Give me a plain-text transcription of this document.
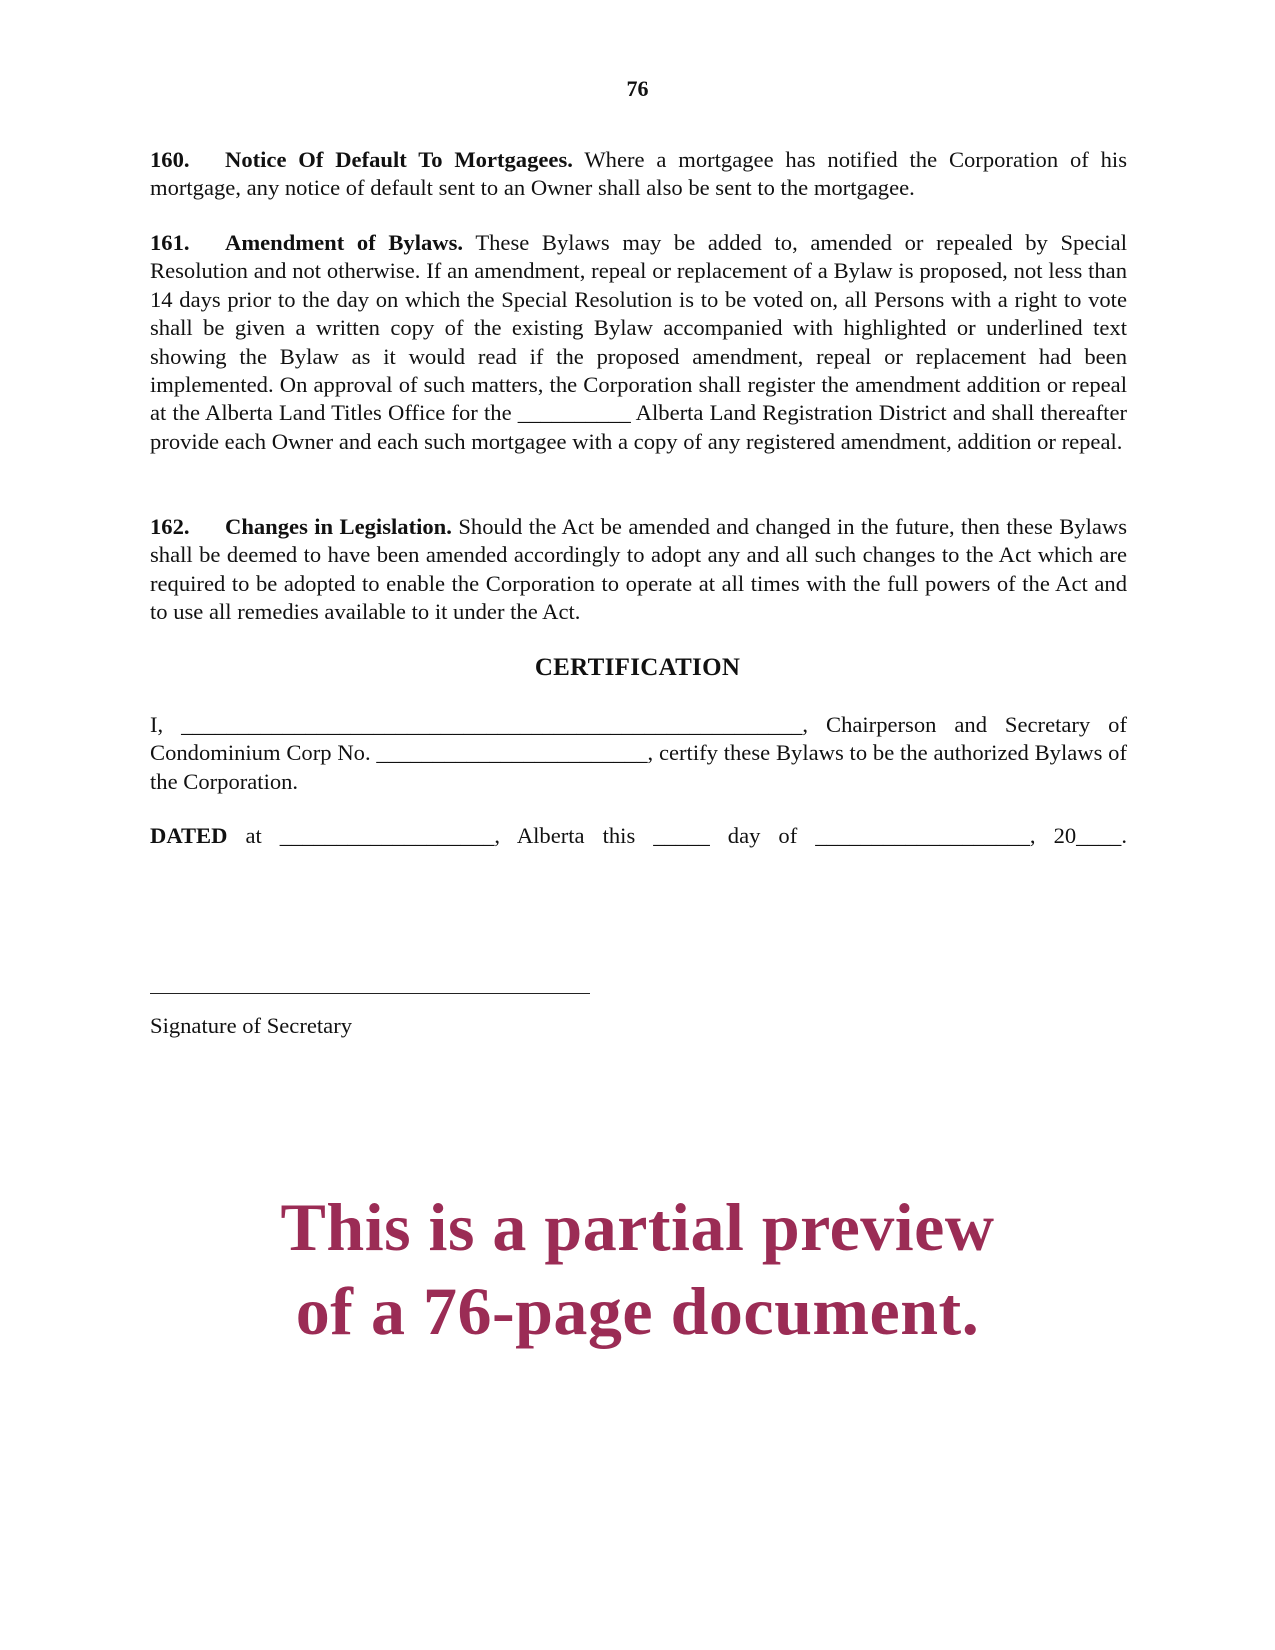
76

160. Notice Of Default To Mortgagees. Where a mortgagee has notified the Corporation of his mortgage, any notice of default sent to an Owner shall also be sent to the mortgagee.

161. Amendment of Bylaws. These Bylaws may be added to, amended or repealed by Special Resolution and not otherwise. If an amendment, repeal or replacement of a Bylaw is proposed, not less than 14 days prior to the day on which the Special Resolution is to be voted on, all Persons with a right to vote shall be given a written copy of the existing Bylaw accompanied with highlighted or underlined text showing the Bylaw as it would read if the proposed amendment, repeal or replacement had been implemented. On approval of such matters, the Corporation shall register the amendment addition or repeal at the Alberta Land Titles Office for the __________ Alberta Land Registration District and shall thereafter provide each Owner and each such mortgagee with a copy of any registered amendment, addition or repeal.

162. Changes in Legislation. Should the Act be amended and changed in the future, then these Bylaws shall be deemed to have been amended accordingly to adopt any and all such changes to the Act which are required to be adopted to enable the Corporation to operate at all times with the full powers of the Act and to use all remedies available to it under the Act.

CERTIFICATION

I, _______________________________________________________, Chairperson and Secretary of Condominium Corp No. ________________________, certify these Bylaws to be the authorized Bylaws of the Corporation.

DATED at ___________________, Alberta this _____ day of ___________________, 20____.

Signature of Secretary
This is a partial preview
of a 76-page document.
